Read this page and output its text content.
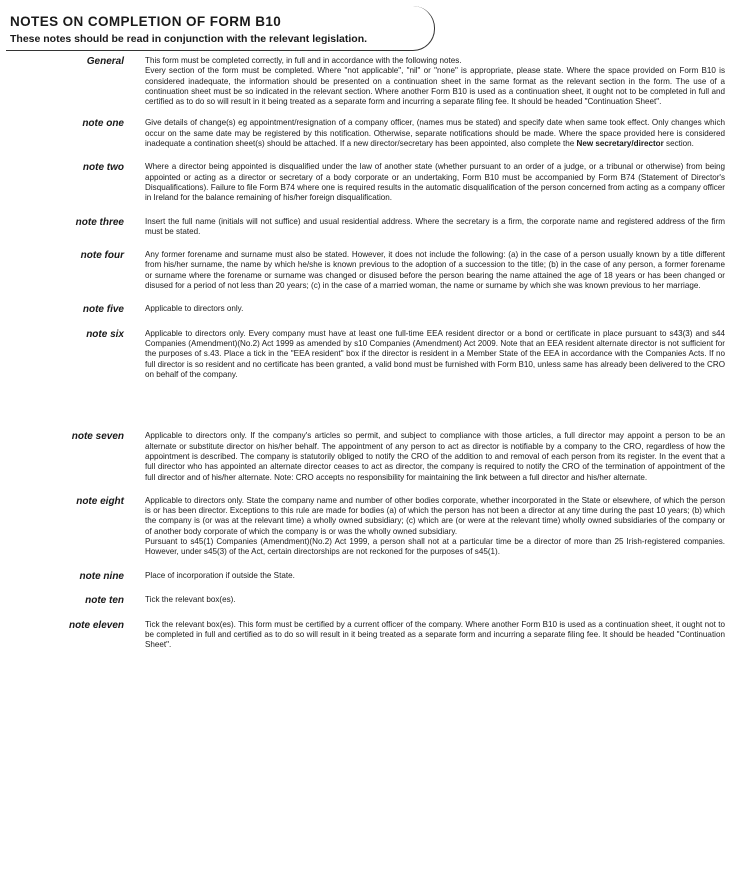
NOTES ON COMPLETION OF FORM B10
These notes should be read in conjunction with the relevant legislation.
General	This form must be completed correctly, in full and in accordance with the following notes.
Every section of the form must be completed. Where "not applicable", "nil" or "none" is appropriate, please state. Where the space provided on Form B10 is considered inadequate, the information should be presented on a continuation sheet in the same format as the relevant section in the form. The use of a continuation sheet must be so indicated in the relevant section. Where another Form B10 is used as a continuation sheet, it ought not to be completed in full and certified as to do so will result in it being treated as a separate form and incurring a separate filing fee. It should be headed "Continuation Sheet".
note one	Give details of change(s) eg appointment/resignation of a company officer, (names mus be stated) and specify date when same took effect. Only changes which occur on the same date may be registered by this notification. Otherwise, separate notifications should be made. Where the space provided here is considered inadequate a contination sheet(s) should be attached. If a new director/secretary has been appointed, also complete the New secretary/director section.
note two	Where a director being appointed is disqualified under the law of another state (whether pursuant to an order of a judge, or a tribunal or otherwise) from being appointed or acting as a director or secretary of a body corporate or an undertaking, Form B10 must be accompanied by Form B74 (Statement of Director's Disqualifications). Failure to file Form B74 where one is required results in the automatic disqualification of the person concerned from acting as a company officer in Ireland for the balance remaining of his/her foreign disqualification.
note three	Insert the full name (initials will not suffice) and usual residential address. Where the secretary is a firm, the corporate name and registered address of the firm must be stated.
note four	Any former forename and surname must also be stated. However, it does not include the following: (a) in the case of a person usually known by a title different from his/her surname, the name by which he/she is known previous to the adoption of a succession to the title; (b) in the case of any person, a former forename or surname where the forename or surname was changed or disused before the person bearing the name attained the age of 18 years or has been changed or disused for a period of not less than 20 years; (c) in the case of a married woman, the name or surname by which she was known previous to her marriage.
note five	Applicable to directors only.
note six	Applicable to directors only. Every company must have at least one full-time EEA resident director or a bond or certificate in place pursuant to s43(3) and s44 Companies (Amendment)(No.2) Act 1999 as amended by s10 Companies (Amendment) Act 2009. Note that an EEA resident alternate director is not sufficient for the purposes of s.43. Place a tick in the "EEA resident" box if the director is resident in a Member State of the EEA in accordance with the Companies Acts. If no full director is so resident and no certificate has been granted, a valid bond must be furnished with Form B10, unless same has already been delivered to the CRO on behalf of the company.
note seven	Applicable to directors only. If the company's articles so permit, and subject to compliance with those articles, a full director may appoint a person to be an alternate or substitute director on his/her behalf. The appointment of any person to act as director is notifiable by a company to the CRO, regardless of how the appointment is described. The company is statutorily obliged to notify the CRO of the addition to and removal of each person from its register. In the event that a full director who has appointed an alternate director ceases to act as director, the company is required to notify the CRO of the termination of appointment of the full director and of his/her alternate. Note: CRO accepts no responsibility for maintaining the link between a full director and his/her alternate.
note eight	Applicable to directors only. State the company name and number of other bodies corporate, whether incorporated in the State or elsewhere, of which the person is or has been director. Exceptions to this rule are made for bodies (a) of which the person has not been a director at any time during the past 10 years; (b) which the company is (or was at the relevant time) a wholly owned subsidiary; (c) which are (or were at the relevant time) wholly owned subsidiaries of the company or of another body corporate of which the company is or was the wholly owned subsidiary.
Pursuant to s45(1) Companies (Amendment)(No.2) Act 1999, a person shall not at a particular time be a director of more than 25 Irish-registered companies. However, under s45(3) of the Act, certain directorships are not reckoned for the purposes of s45(1).
note nine	Place of incorporation if outside the State.
note ten	Tick the relevant box(es).
note eleven	Tick the relevant box(es). This form must be certified by a current officer of the company. Where another Form B10 is used as a continuation sheet, it ought not to be completed in full and certified as to do so will result in it being treated as a separate form and incurring a separate filing fee. It should be headed "Continuation Sheet".
